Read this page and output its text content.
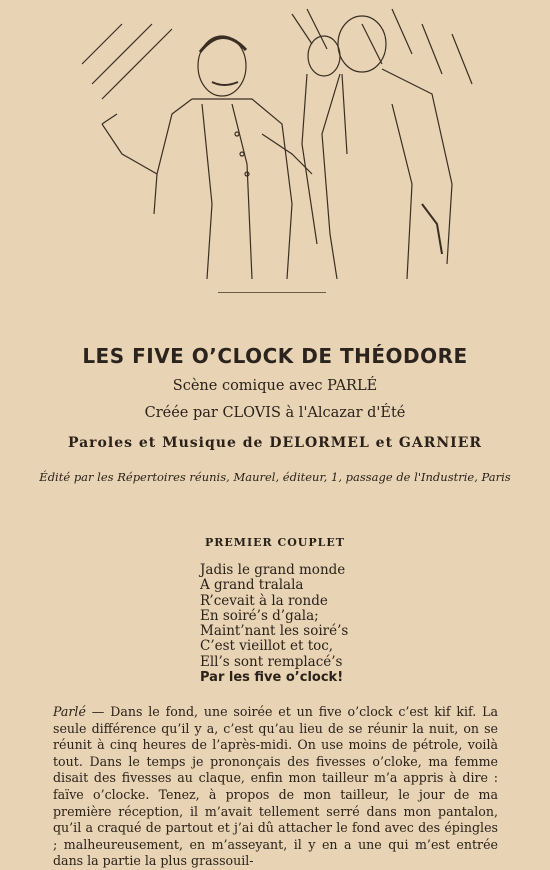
LES FIVE O’CLOCK DE THÉODORE
Scène comique avec PARLÉ
Créée par CLOVIS à l'Alcazar d'Été
Paroles et Musique de DELORMEL et GARNIER
Édité par les Répertoires réunis, Maurel, éditeur, 1, passage de l'Industrie, Paris
PREMIER COUPLET
Jadis le grand monde
A grand tralala
R’cevait à la ronde
En soiré’s d’gala;
Maint’nant les soiré’s
C’est vieillot et toc,
Ell’s sont remplacé’s
Par les five o’clock!
Parlé — Dans le fond, une soirée et un five o’clock c’est kif kif. La seule différence qu’il y a, c’est qu’au lieu de se réunir la nuit, on se réunit à cinq heures de l’après-midi. On use moins de pétrole, voilà tout. Dans le temps je prononçais des fivesses o’cloke, ma femme disait des fivesses au claque, enfin mon tailleur m’a appris à dire : faïve o’clocke. Tenez, à propos de mon tailleur, le jour de ma première réception, il m’avait tellement serré dans mon pantalon, qu’il a craqué de partout et j’ai dû attacher le fond avec des épingles ; malheureusement, en m’asseyant, il y en a une qui m’est entrée dans la partie la plus grassouil-
